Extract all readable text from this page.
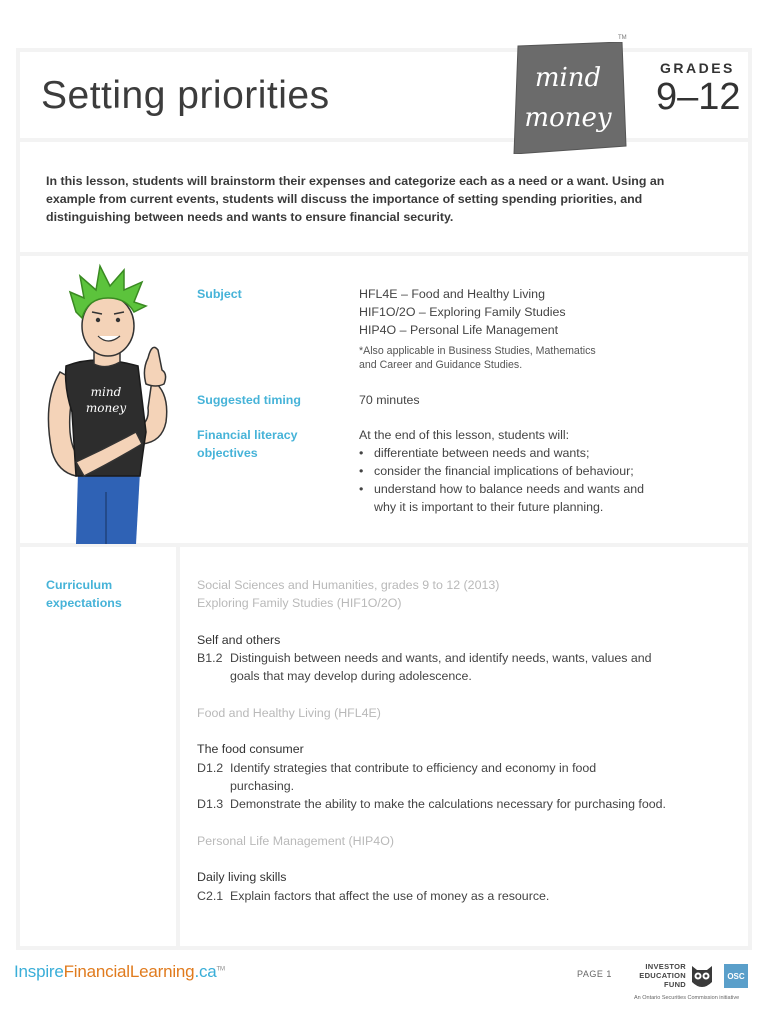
Setting priorities
TM
mind
money
GRADES
9–12
In this lesson, students will brainstorm their expenses and categorize each as a need or a want. Using an example from current events, students will discuss the importance of setting spending priorities, and distinguishing between needs and wants to ensure financial security.
mind
money
Subject	HFL4E – Food and Healthy Living
HIF1O/2O – Exploring Family Studies
HIP4O – Personal Life Management
*Also applicable in Business Studies, Mathematics
and Career and Guidance Studies.
Suggested timing	70 minutes
Financial literacy
objectives
At the end of this lesson, students will:
• differentiate between needs and wants;
• consider the financial implications of behaviour;
• understand how to balance needs and wants and
why it is important to their future planning.
Curriculum
expectations
Social Sciences and Humanities, grades 9 to 12 (2013)
Exploring Family Studies (HIF1O/2O)
Self and others
B1.2 Distinguish between needs and wants, and identify needs, wants, values and
goals that may develop during adolescence.
Food and Healthy Living (HFL4E)
The food consumer
D1.2 Identify strategies that contribute to efficiency and economy in food
purchasing.
D1.3 Demonstrate the ability to make the calculations necessary for purchasing food.
Personal Life Management (HIP4O)
Daily living skills
C2.1 Explain factors that affect the use of money as a resource.
InspireFinancialLearning.ca™	PAGE 1
INVESTOR
EDUCATION
FUND
OSC
An Ontario Securities Commission initiative
